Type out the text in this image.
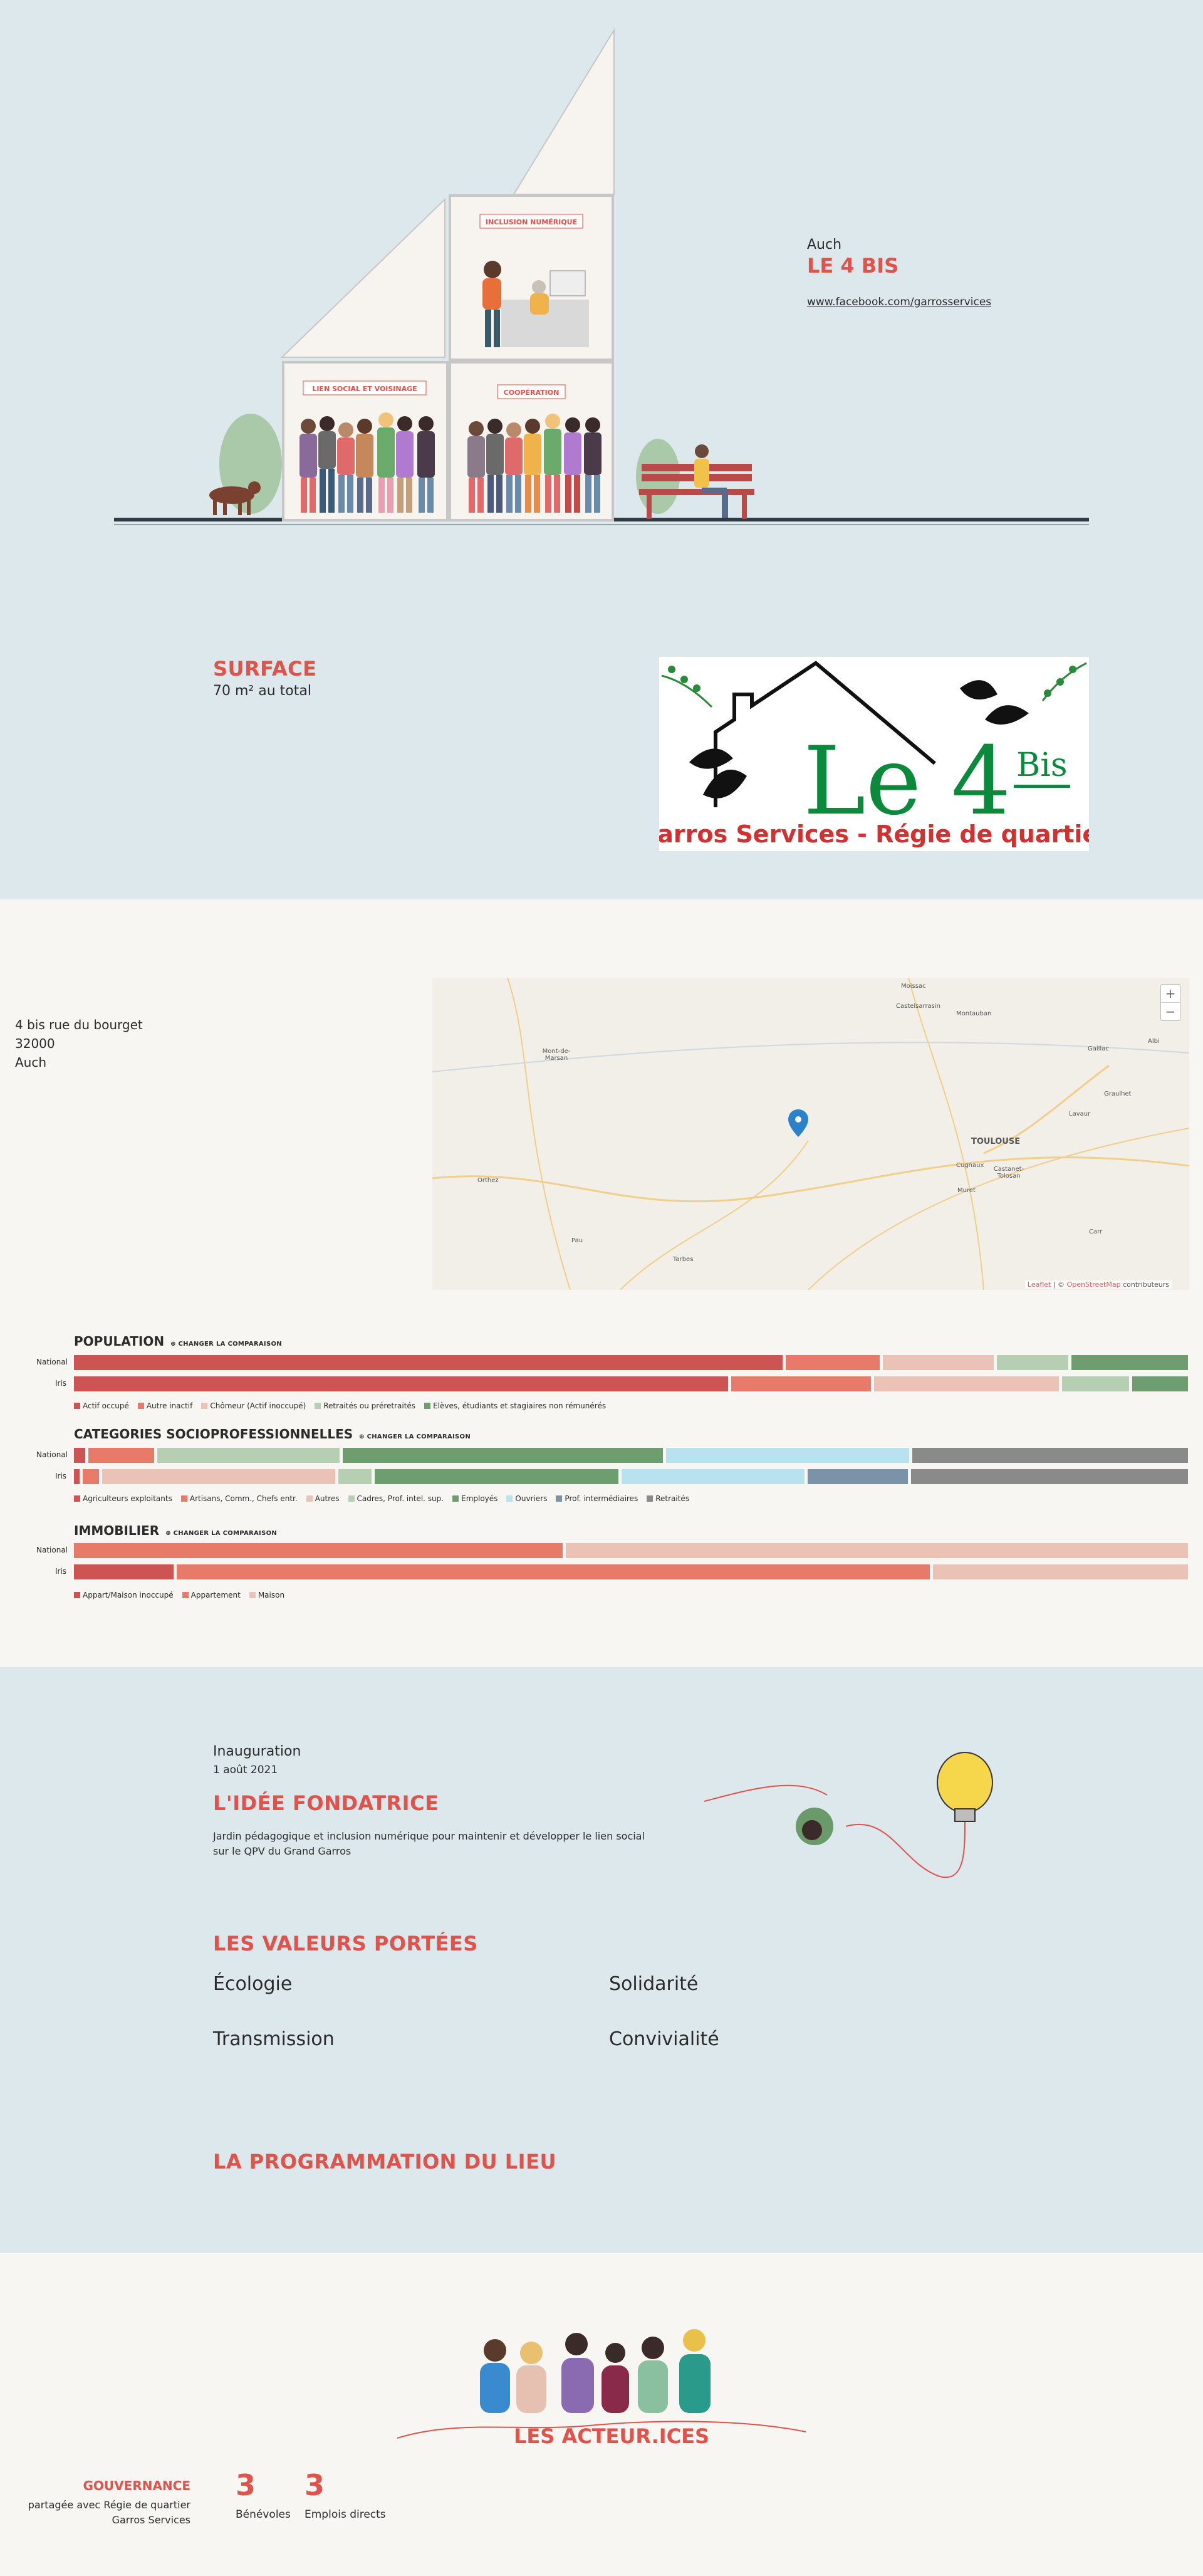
INCLUSION NUMÉRIQUE
LIEN SOCIAL ET VOISINAGE	COOPÉRATION
Auch
LE 4 BIS
www.facebook.com/garrosservices
SURFACE
70 m² au total
Le 4 Bis
Garros Services - Régie de quartier
4 bis rue du bourget
32000
Auch
Moissac
Castelsarrasin
Montauban
Gaillac
Albi
Mont-de-Marsan
Graulhet
Lavaur
TOULOUSE
Cugnaux
Castanet-Tolosan
Muret
Orthez
Pau
Tarbes
Carr
+
−
Leaflet | © OpenStreetMap contributeurs
POPULATION ⊕ CHANGER LA COMPARAISON
National
Iris
Actif occupé	Autre inactif	Chômeur (Actif inoccupé)	Retraités ou préretraités	Elèves, étudiants et stagiaires non rémunérés
CATEGORIES SOCIOPROFESSIONNELLES ⊕ CHANGER LA COMPARAISON
National
Iris
Agriculteurs exploitants	Artisans, Comm., Chefs entr.	Autres	Cadres, Prof. intel. sup.	Employés	Ouvriers	Prof. intermédiaires	Retraités
IMMOBILIER ⊕ CHANGER LA COMPARAISON
National
Iris
Appart/Maison inoccupé	Appartement	Maison
Inauguration
1 août 2021
L'IDÉE FONDATRICE
Jardin pédagogique et inclusion numérique pour maintenir et développer le lien social sur le QPV du Grand Garros
LES VALEURS PORTÉES
Écologie	Solidarité
Transmission	Convivialité
LA PROGRAMMATION DU LIEU
LES ACTEUR.ICES
GOUVERNANCE
partagée avec Régie de quartier Garros Services
3
Bénévoles
3
Emplois directs
